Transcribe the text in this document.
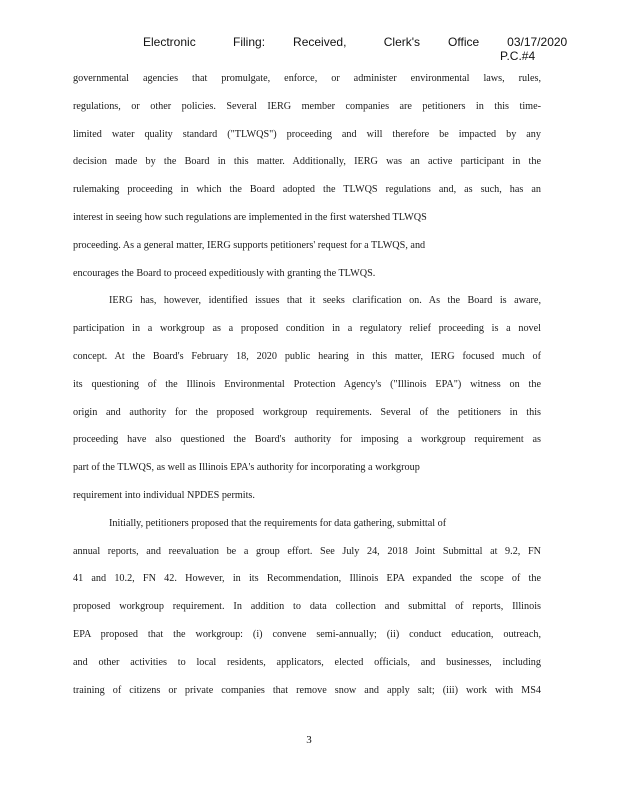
Electronic    Filing:   Received,    Clerk's   Office   03/17/2020

P.C.#4

governmental agencies that promulgate, enforce, or administer environmental laws, rules,
regulations, or other policies. Several IERG member companies are petitioners in this time-
limited water quality standard ("TLWQS") proceeding and will therefore be impacted by any
decision made by the Board in this matter. Additionally, IERG was an active participant in the
rulemaking proceeding in which the Board adopted the TLWQS regulations and, as such, has an
interest in seeing how such regulations are implemented in the first watershed TLWQS
proceeding. As a general matter, IERG supports petitioners' request for a TLWQS, and
encourages the Board to proceed expeditiously with granting the TLWQS.
IERG has, however, identified issues that it seeks clarification on. As the Board is aware,
participation in a workgroup as a proposed condition in a regulatory relief proceeding is a novel
concept. At the Board's February 18, 2020 public hearing in this matter, IERG focused much of
its questioning of the Illinois Environmental Protection Agency's ("Illinois EPA") witness on the
origin and authority for the proposed workgroup requirements. Several of the petitioners in this
proceeding have also questioned the Board's authority for imposing a workgroup requirement as
part of the TLWQS, as well as Illinois EPA's authority for incorporating a workgroup
requirement into individual NPDES permits.
Initially, petitioners proposed that the requirements for data gathering, submittal of
annual reports, and reevaluation be a group effort. See July 24, 2018 Joint Submittal at 9.2, FN
41 and 10.2, FN 42. However, in its Recommendation, Illinois EPA expanded the scope of the
proposed workgroup requirement. In addition to data collection and submittal of reports, Illinois
EPA proposed that the workgroup: (i) convene semi-annually; (ii) conduct education, outreach,
and other activities to local residents, applicators, elected officials, and businesses, including
training of citizens or private companies that remove snow and apply salt; (iii) work with MS4
3
